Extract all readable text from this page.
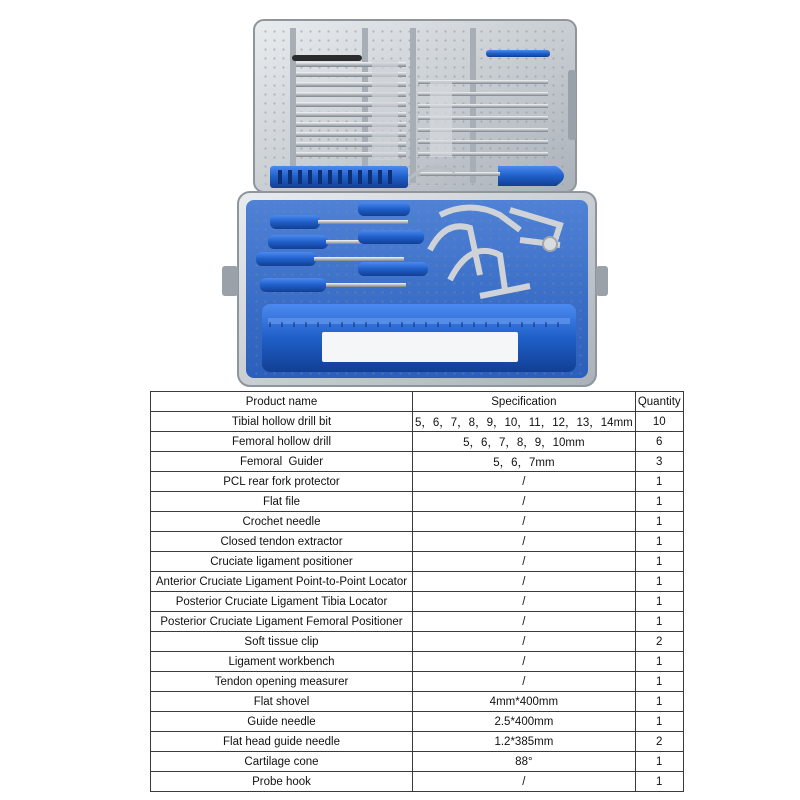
Product name	Specification	Quantity
Tibial hollow drill bit	5，6，7，8，9，10，11，12，13，14mm	10
Femoral hollow drill	5，6，7，8，9，10mm	6
Femoral  Guider	5，6，7mm	3
PCL rear fork protector	/	1
Flat file	/	1
Crochet needle	/	1
Closed tendon extractor	/	1
Cruciate ligament positioner	/	1
Anterior Cruciate Ligament Point-to-Point Locator	/	1
Posterior Cruciate Ligament Tibia Locator	/	1
Posterior Cruciate Ligament Femoral Positioner	/	1
Soft tissue clip	/	2
Ligament workbench	/	1
Tendon opening measurer	/	1
Flat shovel	4mm*400mm	1
Guide needle	2.5*400mm	1
Flat head guide needle	1.2*385mm	2
Cartilage cone	88°	1
Probe hook	/	1
